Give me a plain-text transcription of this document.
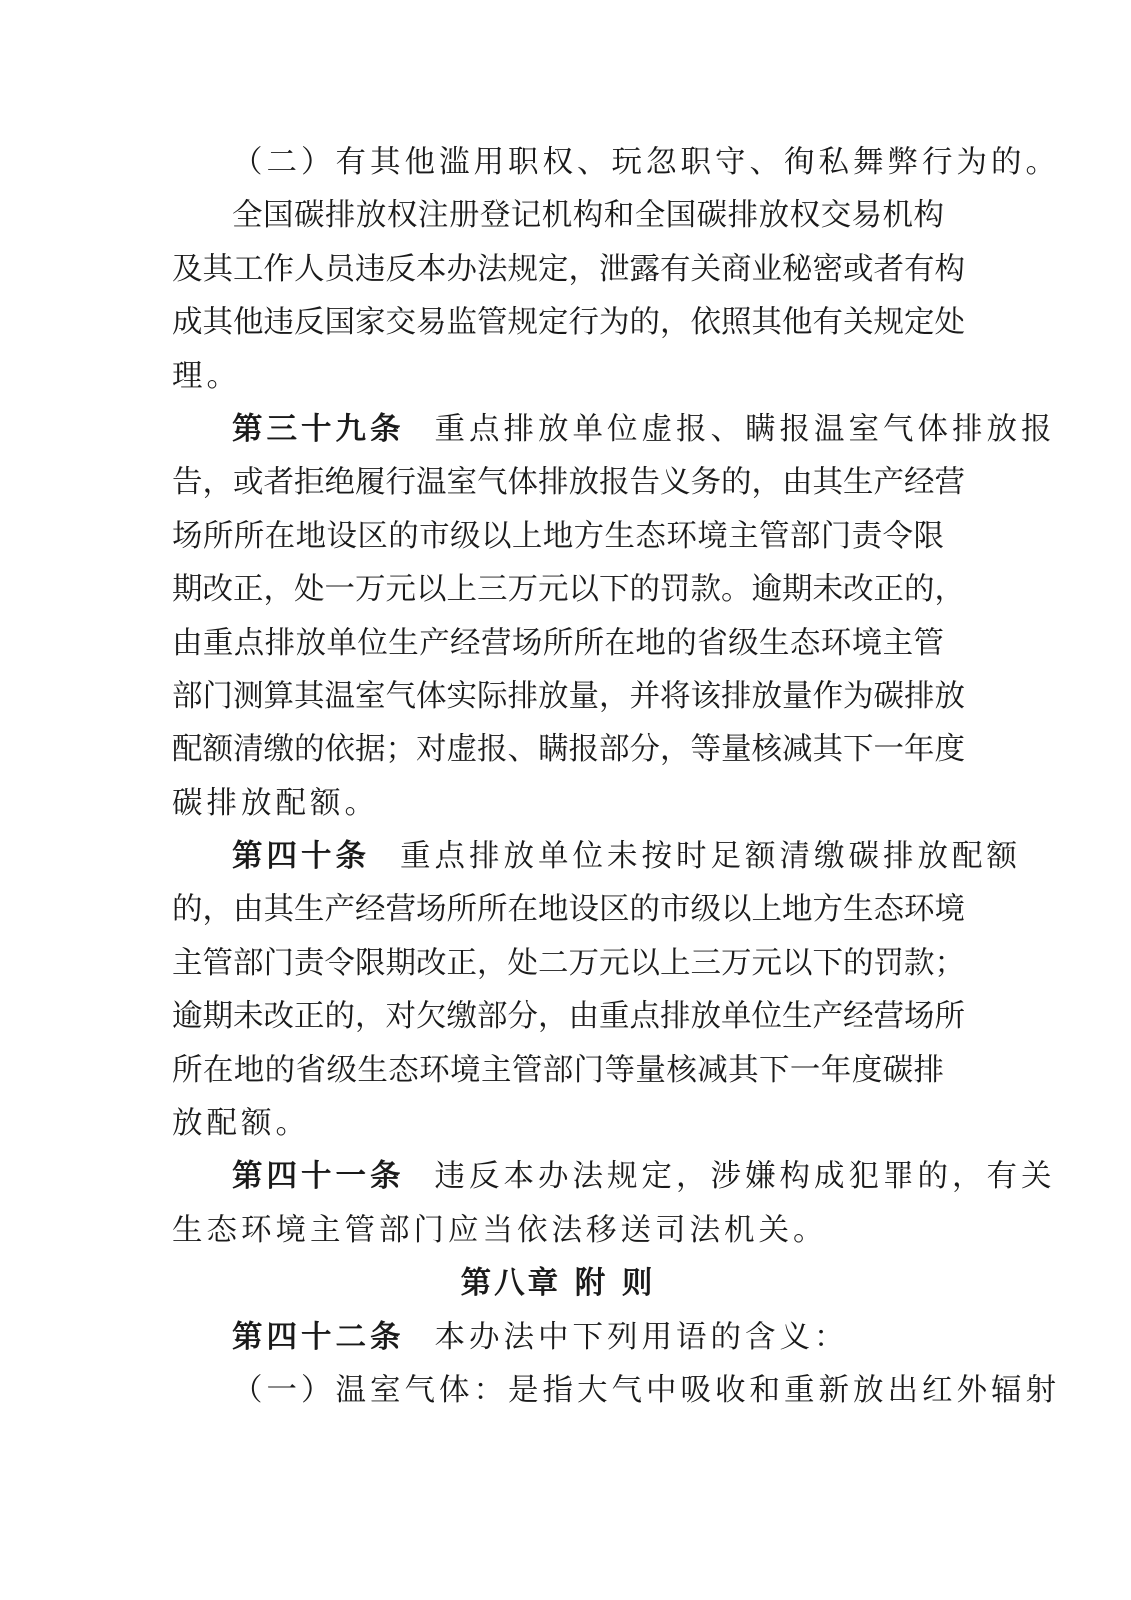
（二）有其他滥用职权、玩忽职守、徇私舞弊行为的。
全国碳排放权注册登记机构和全国碳排放权交易机构
及其工作人员违反本办法规定，泄露有关商业秘密或者有构
成其他违反国家交易监管规定行为的，依照其他有关规定处
理。
第三十九条 重点排放单位虚报、瞒报温室气体排放报
告，或者拒绝履行温室气体排放报告义务的，由其生产经营
场所所在地设区的市级以上地方生态环境主管部门责令限
期改正，处一万元以上三万元以下的罚款。逾期未改正的，
由重点排放单位生产经营场所所在地的省级生态环境主管
部门测算其温室气体实际排放量，并将该排放量作为碳排放
配额清缴的依据；对虚报、瞒报部分，等量核减其下一年度
碳排放配额。
第四十条 重点排放单位未按时足额清缴碳排放配额
的，由其生产经营场所所在地设区的市级以上地方生态环境
主管部门责令限期改正，处二万元以上三万元以下的罚款；
逾期未改正的，对欠缴部分，由重点排放单位生产经营场所
所在地的省级生态环境主管部门等量核减其下一年度碳排
放配额。
第四十一条 违反本办法规定，涉嫌构成犯罪的，有关
生态环境主管部门应当依法移送司法机关。
第八章 附 则
第四十二条 本办法中下列用语的含义：
（一）温室气体：是指大气中吸收和重新放出红外辐射
